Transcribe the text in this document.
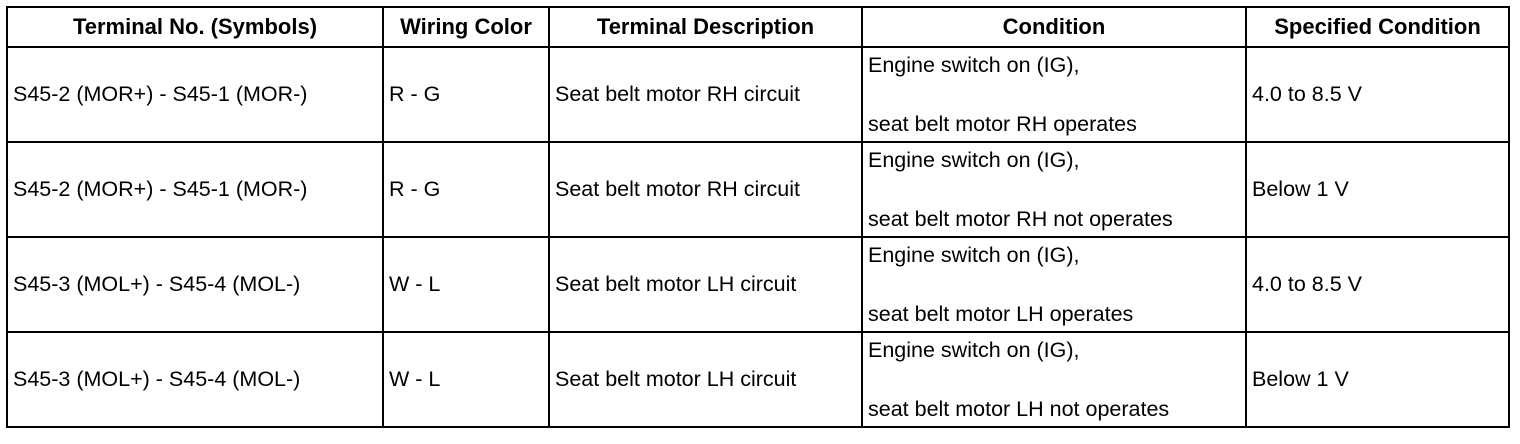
Terminal No. (Symbols)	Wiring Color	Terminal Description	Condition	Specified Condition
S45-2 (MOR+) - S45-1 (MOR-)	R - G	Seat belt motor RH circuit	Engine switch on (IG),
seat belt motor RH operates	4.0 to 8.5 V
S45-2 (MOR+) - S45-1 (MOR-)	R - G	Seat belt motor RH circuit	Engine switch on (IG),
seat belt motor RH not operates	Below 1 V
S45-3 (MOL+) - S45-4 (MOL-)	W - L	Seat belt motor LH circuit	Engine switch on (IG),
seat belt motor LH operates	4.0 to 8.5 V
S45-3 (MOL+) - S45-4 (MOL-)	W - L	Seat belt motor LH circuit	Engine switch on (IG),
seat belt motor LH not operates	Below 1 V
